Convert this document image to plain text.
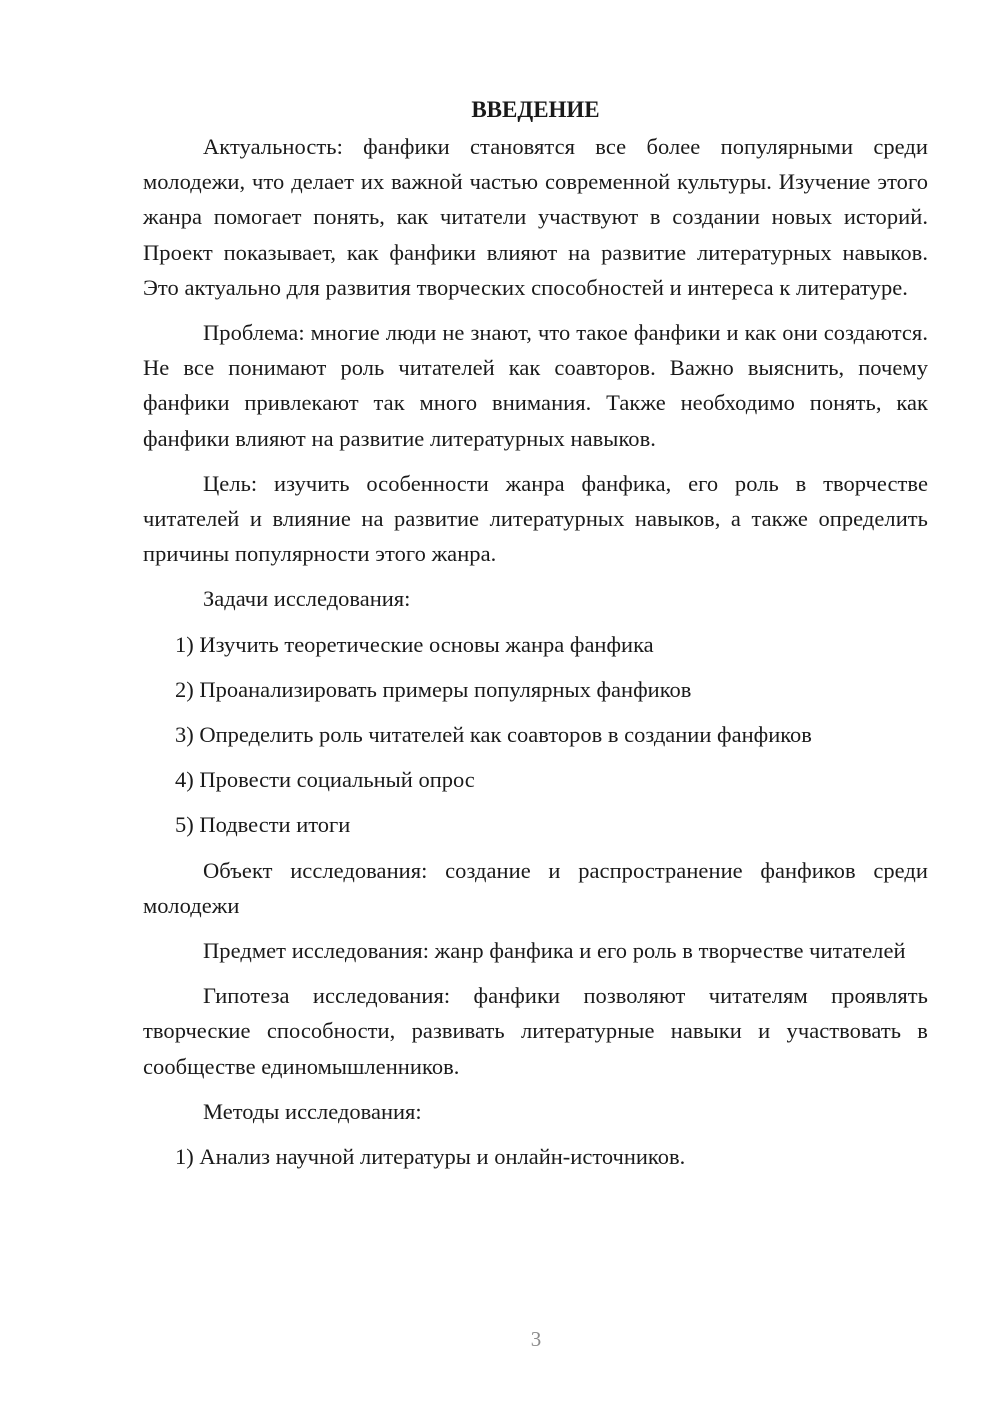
ВВЕДЕНИЕ

Актуальность: фанфики становятся все более популярными среди молодежи, что делает их важной частью современной культуры. Изучение этого жанра помогает понять, как читатели участвуют в создании новых историй. Проект показывает, как фанфики влияют на развитие литературных навыков. Это актуально для развития творческих способностей и интереса к литературе.

Проблема: многие люди не знают, что такое фанфики и как они создаются. Не все понимают роль читателей как соавторов. Важно выяснить, почему фанфики привлекают так много внимания. Также необходимо понять, как фанфики влияют на развитие литературных навыков.

Цель: изучить особенности жанра фанфика, его роль в творчестве читателей и влияние на развитие литературных навыков, а также определить причины популярности этого жанра.

Задачи исследования:

1) Изучить теоретические основы жанра фанфика

2) Проанализировать примеры популярных фанфиков

3) Определить роль читателей как соавторов в создании фанфиков

4) Провести социальный опрос

5) Подвести итоги

Объект исследования: создание и распространение фанфиков среди молодежи

Предмет исследования: жанр фанфика и его роль в творчестве читателей

Гипотеза исследования: фанфики позволяют читателям проявлять творческие способности, развивать литературные навыки и участвовать в сообществе единомышленников.

Методы исследования:

1) Анализ научной литературы и онлайн-источников.

3
